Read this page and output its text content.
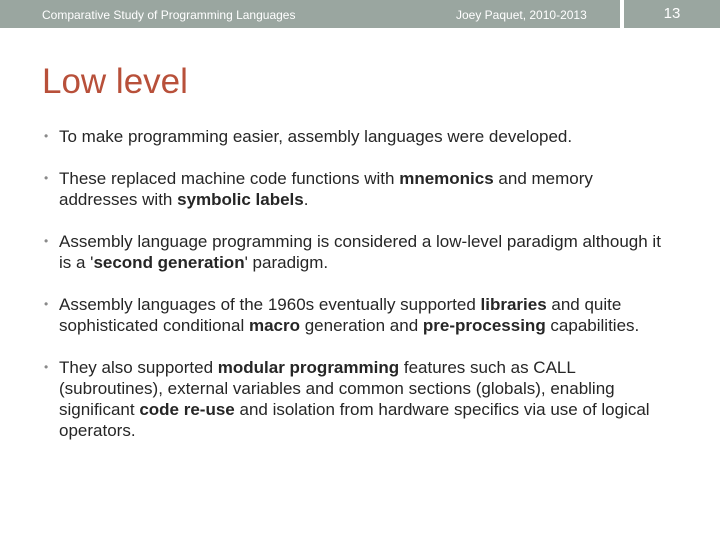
Comparative Study of Programming Languages	Joey Paquet, 2010-2013	13
Low level
• To make programming easier, assembly languages were developed.
• These replaced machine code functions with mnemonics and memory addresses with symbolic labels.
• Assembly language programming is considered a low-level paradigm although it is a 'second generation' paradigm.
• Assembly languages of the 1960s eventually supported libraries and quite sophisticated conditional macro generation and pre-processing capabilities.
• They also supported modular programming features such as CALL (subroutines), external variables and common sections (globals), enabling significant code re-use and isolation from hardware specifics via use of logical operators.
